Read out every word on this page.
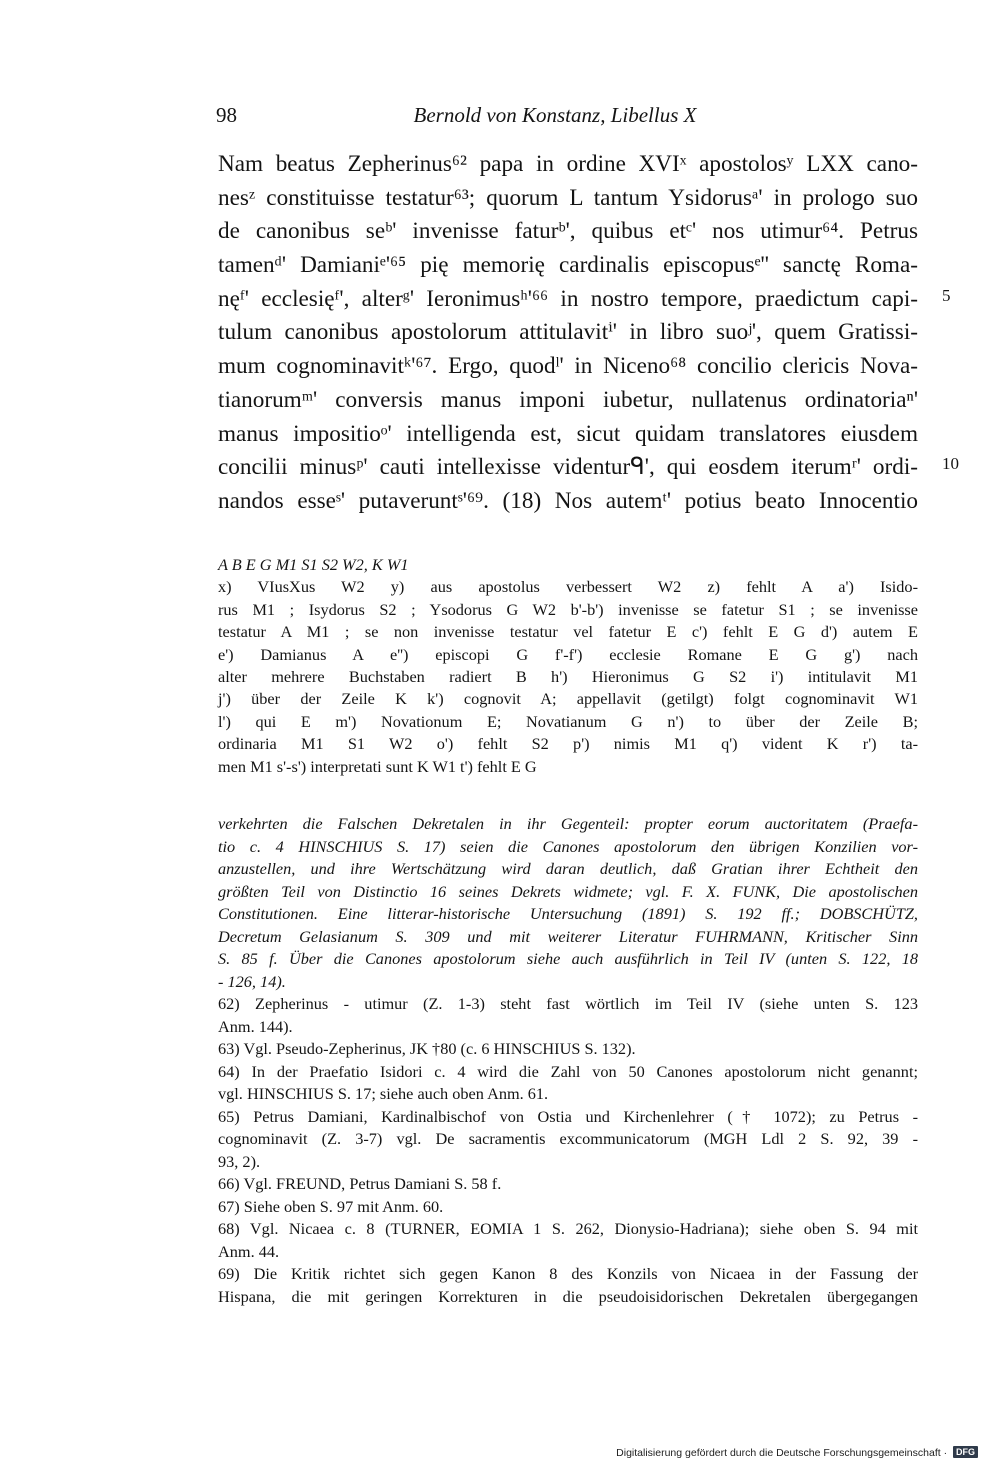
98	Bernold von Konstanz, Libellus X
Nam beatus Zepherinus⁶² papa in ordine XVIˣ apostolosʸ LXX cano-
nesᶻ constituisse testatur⁶³; quorum L tantum Ysidorusᵃ' in prologo suo
de canonibus seᵇ' invenisse faturᵇ', quibus etᶜ' nos utimur⁶⁴. Petrus
tamenᵈ' Damianiᵉ'⁶⁵ pię memorię cardinalis episcopusᵉ'' sanctę Roma-
nęᶠ' ecclesięᶠ', alterᵍ' Ieronimusʰ'⁶⁶ in nostro tempore, praedictum capi-
tulum canonibus apostolorum attitulavitⁱ' in libro suoʲ', quem Gratissi-
mum cognominavitᵏ'⁶⁷. Ergo, quodˡ' in Niceno⁶⁸ concilio clericis Nova-
tianorumᵐ' conversis manus imponi iubetur, nullatenus ordinatoriaⁿ'
manus impositioᵒ' intelligenda est, sicut quidam translatores eiusdem
concilii minusᵖ' cauti intellexisse videnturᑫ', qui eosdem iterumʳ' ordi-
nandos esseˢ' putaveruntˢ'⁶⁹. (18) Nos autemᵗ' potius beato Innocentio
5
10
A B E G M1 S1 S2 W2, K W1
x) VIusXus W2 y) aus apostolus verbessert W2 z) fehlt A a') Isido-
rus M1 ; Isydorus S2 ; Ysodorus G W2 b'-b') invenisse se fatetur S1 ; se invenisse
testatur A M1 ; se non invenisse testatur vel fatetur E c') fehlt E G d') autem E
e') Damianus A e'') episcopi G f'-f') ecclesie Romane E G g') nach
alter mehrere Buchstaben radiert B h') Hieronimus G S2 i') intitulavit M1
j') über der Zeile K k') cognovit A; appellavit (getilgt) folgt cognominavit W1
l') qui E m') Novationum E; Novatianum G n') to über der Zeile B;
ordinaria M1 S1 W2 o') fehlt S2 p') nimis M1 q') vident K r') ta-
men M1 s'-s') interpretati sunt K W1 t') fehlt E G
verkehrten die Falschen Dekretalen in ihr Gegenteil: propter eorum auctoritatem (Praefa-
tio c. 4 HINSCHIUS S. 17) seien die Canones apostolorum den übrigen Konzilien vor-
anzustellen, und ihre Wertschätzung wird daran deutlich, daß Gratian ihrer Echtheit den
größten Teil von Distinctio 16 seines Dekrets widmete; vgl. F. X. FUNK, Die apostolischen
Constitutionen. Eine litterar-historische Untersuchung (1891) S. 192 ff.; DOBSCHÜTZ,
Decretum Gelasianum S. 309 und mit weiterer Literatur FUHRMANN, Kritischer Sinn
S. 85 f. Über die Canones apostolorum siehe auch ausführlich in Teil IV (unten S. 122, 18
- 126, 14).
62) Zepherinus - utimur (Z. 1-3) steht fast wörtlich im Teil IV (siehe unten S. 123
Anm. 144).
63) Vgl. Pseudo-Zepherinus, JK †80 (c. 6 HINSCHIUS S. 132).
64) In der Praefatio Isidori c. 4 wird die Zahl von 50 Canones apostolorum nicht genannt;
vgl. HINSCHIUS S. 17; siehe auch oben Anm. 61.
65) Petrus Damiani, Kardinalbischof von Ostia und Kirchenlehrer († 1072); zu Petrus -
cognominavit (Z. 3-7) vgl. De sacramentis excommunicatorum (MGH Ldl 2 S. 92, 39 -
93, 2).
66) Vgl. FREUND, Petrus Damiani S. 58 f.
67) Siehe oben S. 97 mit Anm. 60.
68) Vgl. Nicaea c. 8 (TURNER, EOMIA 1 S. 262, Dionysio-Hadriana); siehe oben S. 94 mit
Anm. 44.
69) Die Kritik richtet sich gegen Kanon 8 des Konzils von Nicaea in der Fassung der
Hispana, die mit geringen Korrekturen in die pseudoisidorischen Dekretalen übergegangen
Digitalisierung gefördert durch die Deutsche Forschungsgemeinschaft · DFG
